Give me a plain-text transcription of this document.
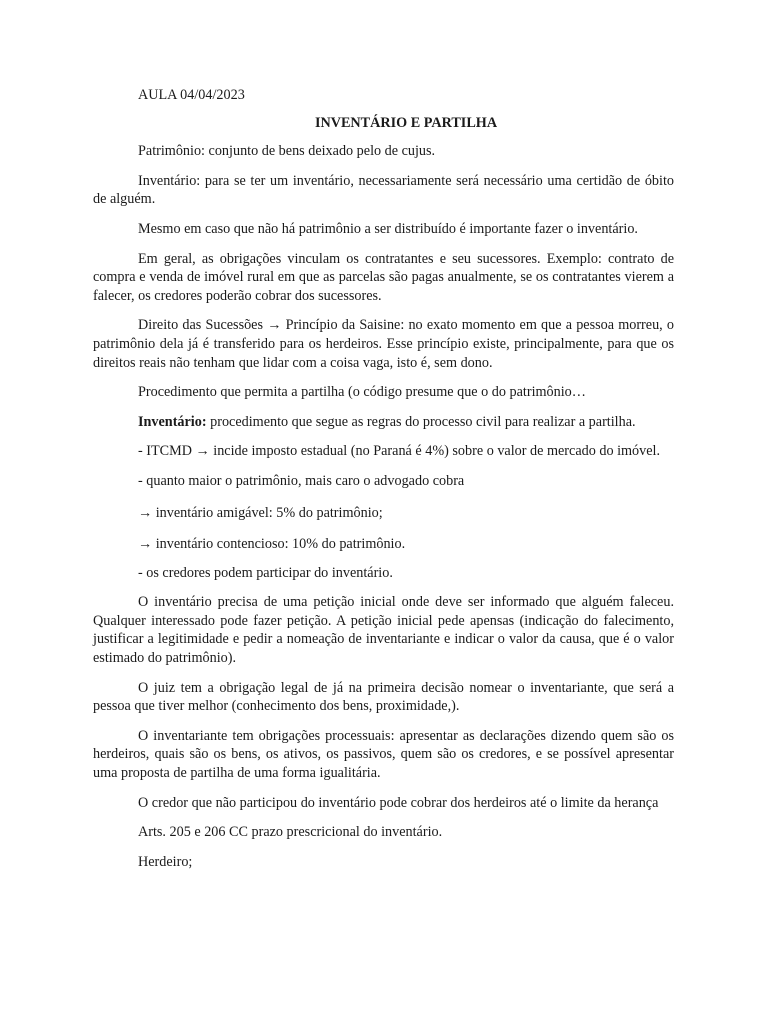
AULA 04/04/2023

INVENTÁRIO E PARTILHA

Patrimônio: conjunto de bens deixado pelo de cujus.

Inventário: para se ter um inventário, necessariamente será necessário uma certidão de óbito de alguém.

Mesmo em caso que não há patrimônio a ser distribuído é importante fazer o inventário.

Em geral, as obrigações vinculam os contratantes e seu sucessores. Exemplo: contrato de compra e venda de imóvel rural em que as parcelas são pagas anualmente, se os contratantes vierem a falecer, os credores poderão cobrar dos sucessores.

Direito das Sucessões → Princípio da Saisine: no exato momento em que a pessoa morreu, o patrimônio dela já é transferido para os herdeiros. Esse princípio existe, principalmente, para que os direitos reais não tenham que lidar com a coisa vaga, isto é, sem dono.

Procedimento que permita a partilha (o código presume que o do patrimônio…

Inventário: procedimento que segue as regras do processo civil para realizar a partilha.

- ITCMD → incide imposto estadual (no Paraná é 4%) sobre o valor de mercado do imóvel.

- quanto maior o patrimônio, mais caro o advogado cobra

→ inventário amigável: 5% do patrimônio;

→ inventário contencioso: 10% do patrimônio.

- os credores podem participar do inventário.

O inventário precisa de uma petição inicial onde deve ser informado que alguém faleceu. Qualquer interessado pode fazer petição. A petição inicial pede apensas (indicação do falecimento, justificar a legitimidade e pedir a nomeação de inventariante e indicar o valor da causa, que é o valor estimado do patrimônio).

O juiz tem a obrigação legal de já na primeira decisão nomear o inventariante, que será a pessoa que tiver melhor (conhecimento dos bens, proximidade,).

O inventariante tem obrigações processuais: apresentar as declarações dizendo quem são os herdeiros, quais são os bens, os ativos, os passivos, quem são os credores, e se possível apresentar uma proposta de partilha de uma forma igualitária.

O credor que não participou do inventário pode cobrar dos herdeiros até o limite da herança

Arts. 205 e 206 CC prazo prescricional do inventário.

Herdeiro;
